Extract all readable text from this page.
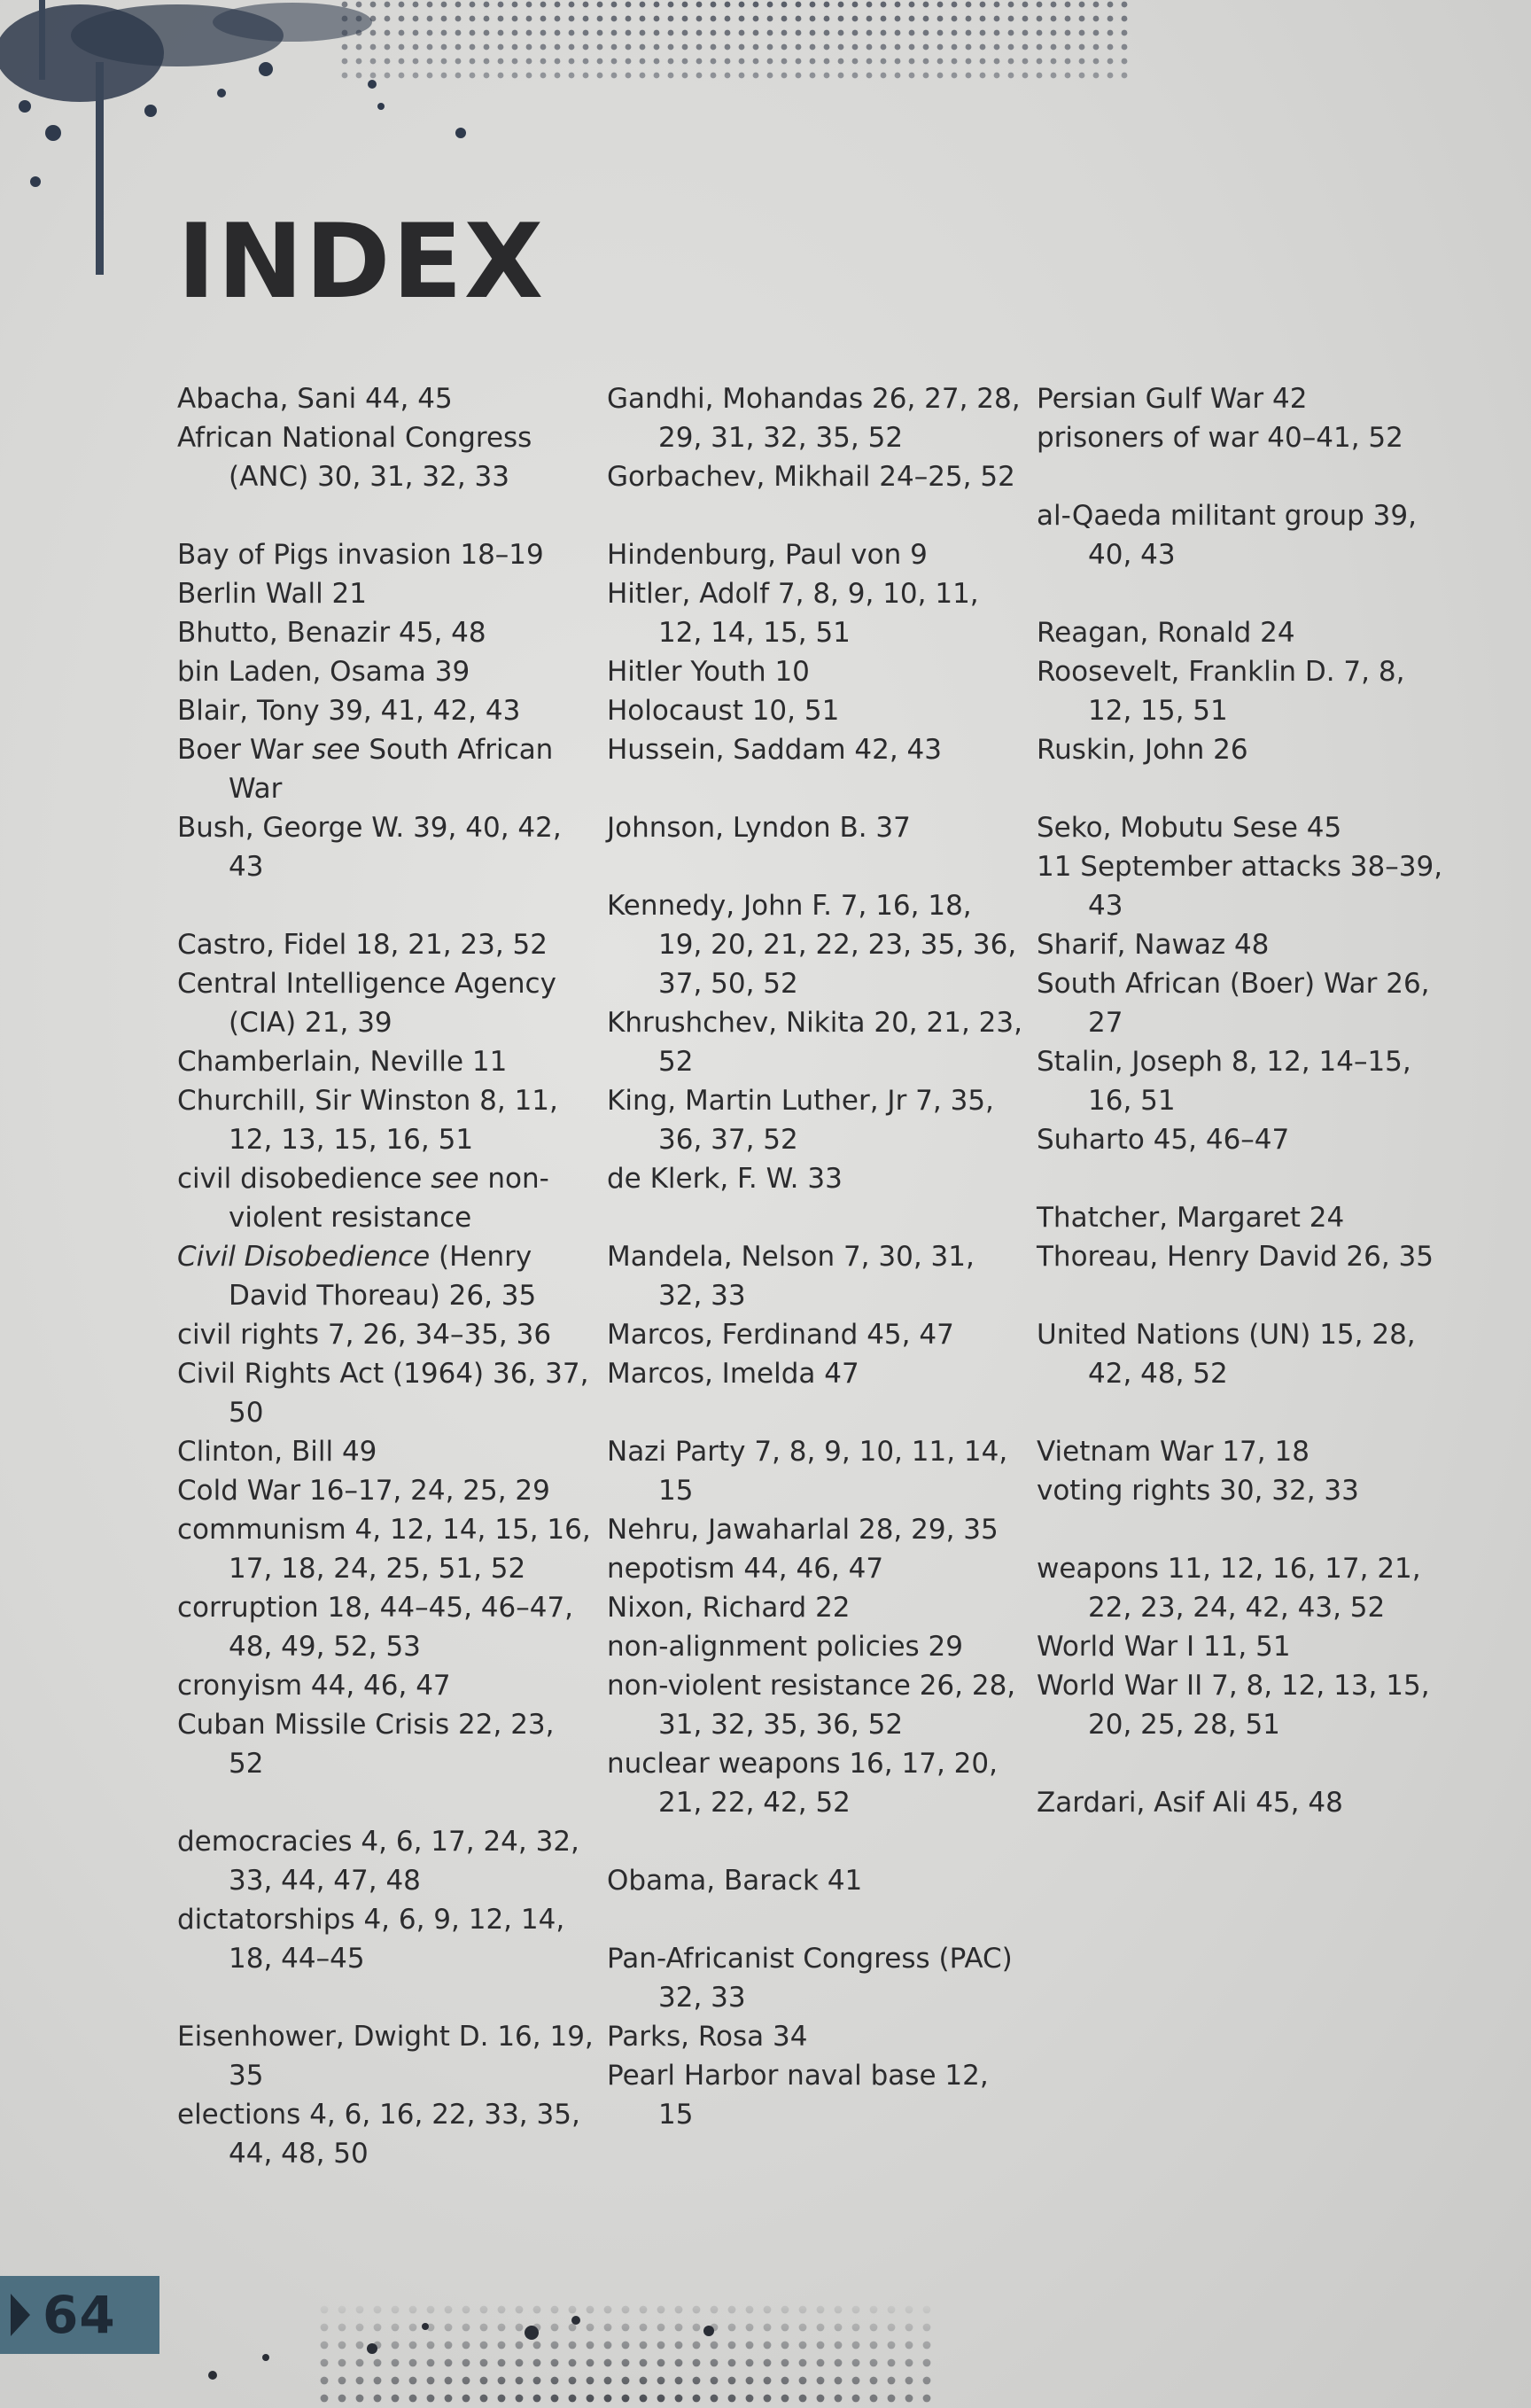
INDEX
Abacha, Sani 44, 45
African National Congress (ANC) 30, 31, 32, 33
Bay of Pigs invasion 18–19
Berlin Wall 21
Bhutto, Benazir 45, 48
bin Laden, Osama 39
Blair, Tony 39, 41, 42, 43
Boer War see South African War
Bush, George W. 39, 40, 42, 43
Castro, Fidel 18, 21, 23, 52
Central Intelligence Agency (CIA) 21, 39
Chamberlain, Neville 11
Churchill, Sir Winston 8, 11, 12, 13, 15, 16, 51
civil disobedience see non-violent resistance
Civil Disobedience (Henry David Thoreau) 26, 35
civil rights 7, 26, 34–35, 36
Civil Rights Act (1964) 36, 37, 50
Clinton, Bill 49
Cold War 16–17, 24, 25, 29
communism 4, 12, 14, 15, 16, 17, 18, 24, 25, 51, 52
corruption 18, 44–45, 46–47, 48, 49, 52, 53
cronyism 44, 46, 47
Cuban Missile Crisis 22, 23, 52
democracies 4, 6, 17, 24, 32, 33, 44, 47, 48
dictatorships 4, 6, 9, 12, 14, 18, 44–45
Eisenhower, Dwight D. 16, 19, 35
elections 4, 6, 16, 22, 33, 35, 44, 48, 50
Gandhi, Mohandas 26, 27, 28, 29, 31, 32, 35, 52
Gorbachev, Mikhail 24–25, 52
Hindenburg, Paul von 9
Hitler, Adolf 7, 8, 9, 10, 11, 12, 14, 15, 51
Hitler Youth 10
Holocaust 10, 51
Hussein, Saddam 42, 43
Johnson, Lyndon B. 37
Kennedy, John F. 7, 16, 18, 19, 20, 21, 22, 23, 35, 36, 37, 50, 52
Khrushchev, Nikita 20, 21, 23, 52
King, Martin Luther, Jr 7, 35, 36, 37, 52
de Klerk, F. W. 33
Mandela, Nelson 7, 30, 31, 32, 33
Marcos, Ferdinand 45, 47
Marcos, Imelda 47
Nazi Party 7, 8, 9, 10, 11, 14, 15
Nehru, Jawaharlal 28, 29, 35
nepotism 44, 46, 47
Nixon, Richard 22
non-alignment policies 29
non-violent resistance 26, 28, 31, 32, 35, 36, 52
nuclear weapons 16, 17, 20, 21, 22, 42, 52
Obama, Barack 41
Pan-Africanist Congress (PAC) 32, 33
Parks, Rosa 34
Pearl Harbor naval base 12, 15
Persian Gulf War 42
prisoners of war 40–41, 52
al-Qaeda militant group 39, 40, 43
Reagan, Ronald 24
Roosevelt, Franklin D. 7, 8, 12, 15, 51
Ruskin, John 26
Seko, Mobutu Sese 45
11 September attacks 38–39, 43
Sharif, Nawaz 48
South African (Boer) War 26, 27
Stalin, Joseph 8, 12, 14–15, 16, 51
Suharto 45, 46–47
Thatcher, Margaret 24
Thoreau, Henry David 26, 35
United Nations (UN) 15, 28, 42, 48, 52
Vietnam War 17, 18
voting rights 30, 32, 33
weapons 11, 12, 16, 17, 21, 22, 23, 24, 42, 43, 52
World War I 11, 51
World War II 7, 8, 12, 13, 15, 20, 25, 28, 51
Zardari, Asif Ali 45, 48
64
